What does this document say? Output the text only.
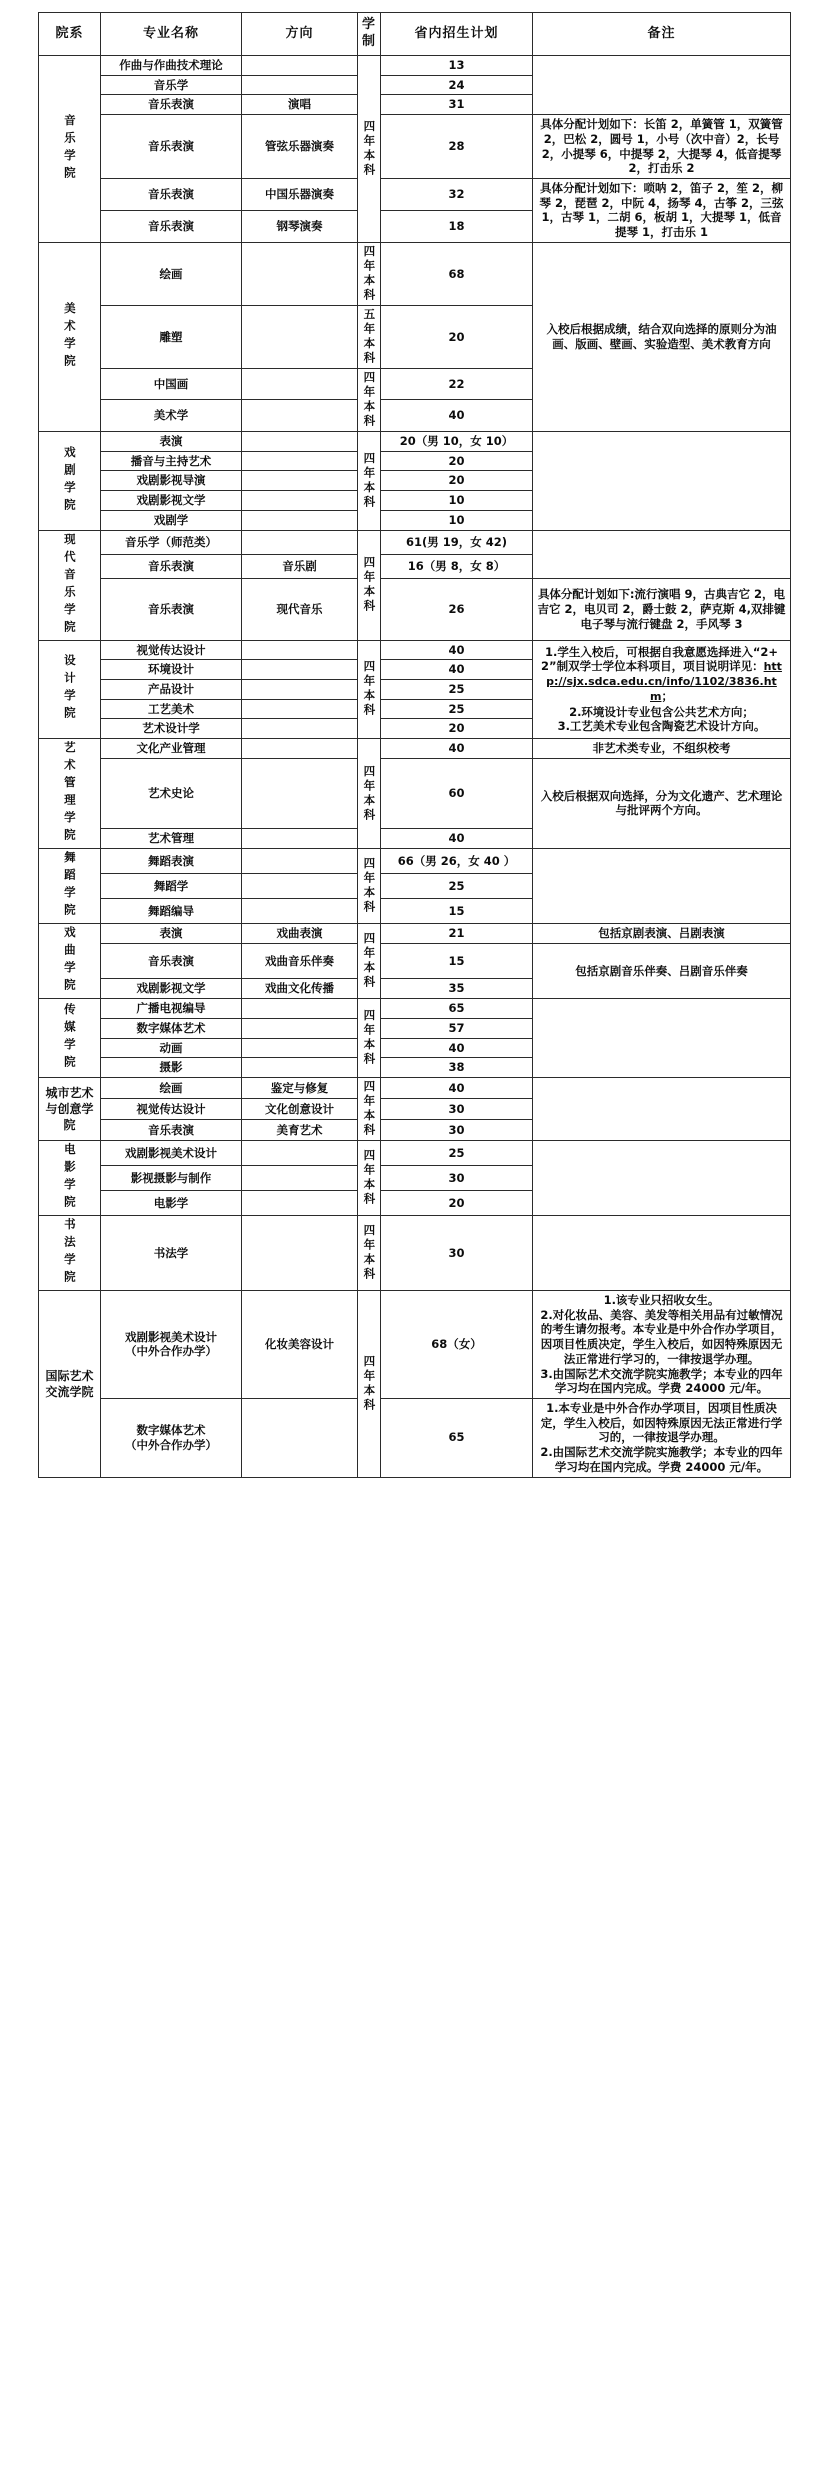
院系	专业名称	方向	学制	省内招生计划	备注
音乐学院	作曲与作曲技术理论		四年本科	13	
	音乐学			24	
	音乐表演	演唱		31	
	音乐表演	管弦乐器演奏		28	具体分配计划如下：长笛 2，单簧管 1，双簧管 2，巴松 2，圆号 1，小号（次中音）2，长号 2，小提琴 6，中提琴 2，大提琴 4，低音提琴 2，打击乐 2
	音乐表演	中国乐器演奏		32	具体分配计划如下：唢呐 2，笛子 2，笙 2，柳琴 2，琵琶 2，中阮 4，扬琴 4，古筝 2，三弦 1，古琴 1，二胡 6，板胡 1，大提琴 1，低音提琴 1，打击乐 1
	音乐表演	钢琴演奏		18	
美术学院	绘画		四年本科	68	入校后根据成绩，结合双向选择的原则分为油画、版画、壁画、实验造型、美术教育方向
	雕塑		五年本科	20	
	中国画		四年本科	22	
	美术学			40	
戏剧学院	表演		四年本科	20（男 10，女 10）	
	播音与主持艺术			20	
	戏剧影视导演			20	
	戏剧影视文学			10	
	戏剧学			10	
现代音乐学院	音乐学（师范类）		四年本科	61(男 19，女 42)	
	音乐表演	音乐剧		16（男 8，女 8）	
	音乐表演	现代音乐		26	具体分配计划如下:流行演唱 9，古典吉它 2，电吉它 2，电贝司 2，爵士鼓 2，萨克斯 4,双排键电子琴与流行键盘 2，手风琴 3
设计学院	视觉传达设计		四年本科	40	1.学生入校后，可根据自我意愿选择进入“2+2”制双学士学位本科项目，项目说明详见：http://sjx.sdca.edu.cn/info/1102/3836.htm；
2.环境设计专业包含公共艺术方向；
3.工艺美术专业包含陶瓷艺术设计方向。
	环境设计			40	
	产品设计			25	
	工艺美术			25	
	艺术设计学			20	
艺术管理学院	文化产业管理		四年本科	40	非艺术类专业，不组织校考
	艺术史论			60	入校后根据双向选择，分为文化遗产、艺术理论与批评两个方向。
	艺术管理			40	
舞蹈学院	舞蹈表演		四年本科	66（男 26，女 40 ）	
	舞蹈学			25	
	舞蹈编导			15	
戏曲学院	表演	戏曲表演	四年本科	21	包括京剧表演、吕剧表演
	音乐表演	戏曲音乐伴奏		15	包括京剧音乐伴奏、吕剧音乐伴奏
	戏剧影视文学	戏曲文化传播		35	
传媒学院	广播电视编导		四年本科	65	
	数字媒体艺术			57	
	动画			40	
	摄影			38	
城市艺术与创意学院	绘画	鉴定与修复	四年本科	40	
	视觉传达设计	文化创意设计		30	
	音乐表演	美育艺术		30	
电影学院	戏剧影视美术设计		四年本科	25	
	影视摄影与制作			30	
	电影学			20	
书法学院	书法学		四年本科	30	
国际艺术交流学院	戏剧影视美术设计
（中外合作办学）	化妆美容设计	四年本科	68（女）	1.该专业只招收女生。
2.对化妆品、美容、美发等相关用品有过敏情况的考生请勿报考。本专业是中外合作办学项目，因项目性质决定，学生入校后，如因特殊原因无法正常进行学习的，一律按退学办理。
3.由国际艺术交流学院实施教学；本专业的四年学习均在国内完成。学费 24000 元/年。
	数字媒体艺术
（中外合作办学）			65	1.本专业是中外合作办学项目，因项目性质决定，学生入校后，如因特殊原因无法正常进行学习的，一律按退学办理。
2.由国际艺术交流学院实施教学；本专业的四年学习均在国内完成。学费 24000 元/年。
